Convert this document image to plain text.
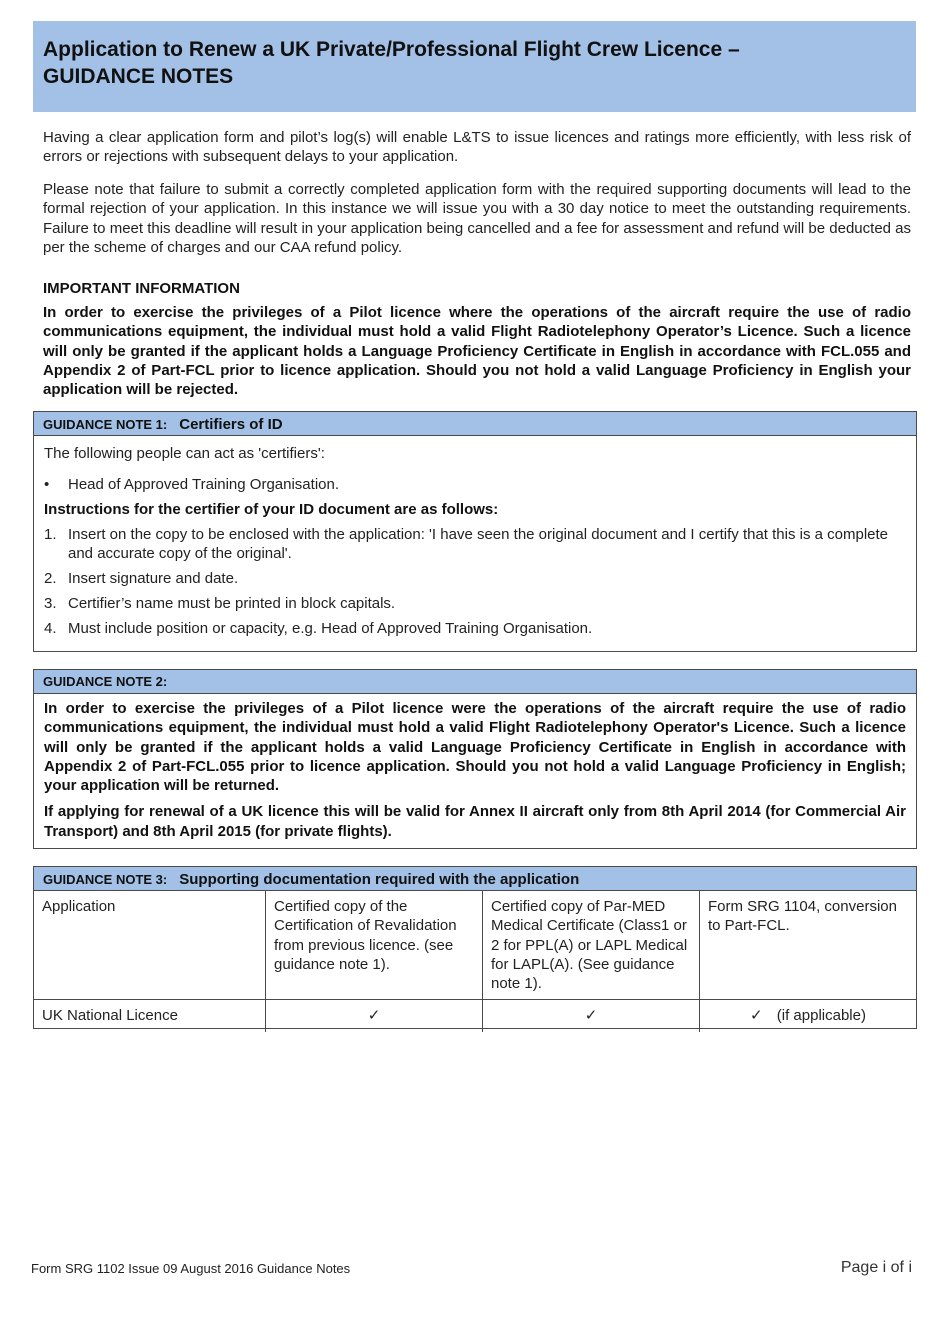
Application to Renew a UK Private/Professional Flight Crew Licence –
GUIDANCE NOTES
Having a clear application form and pilot’s log(s) will enable L&TS to issue licences and ratings more efficiently, with less risk of errors or rejections with subsequent delays to your application.
Please note that failure to submit a correctly completed application form with the required supporting documents will lead to the formal rejection of your application. In this instance we will issue you with a 30 day notice to meet the outstanding requirements. Failure to meet this deadline will result in your application being cancelled and a fee for assessment and refund will be deducted as per the scheme of charges and our CAA refund policy.
IMPORTANT INFORMATION
In order to exercise the privileges of a Pilot licence where the operations of the aircraft require the use of radio communications equipment, the individual must hold a valid Flight Radiotelephony Operator’s Licence. Such a licence will only be granted if the applicant holds a Language Proficiency Certificate in English in accordance with FCL.055 and Appendix 2 of Part-FCL prior to licence application. Should you not hold a valid Language Proficiency in English your application will be rejected.
GUIDANCE NOTE 1: Certifiers of ID

The following people can act as 'certifiers':

•	Head of Approved Training Organisation.

Instructions for the certifier of your ID document are as follows:

1. Insert on the copy to be enclosed with the application: 'I have seen the original document and I certify that this is a complete and accurate copy of the original'.
2. Insert signature and date.
3. Certifier’s name must be printed in block capitals.
4. Must include position or capacity, e.g. Head of Approved Training Organisation.
GUIDANCE NOTE 2:

In order to exercise the privileges of a Pilot licence were the operations of the aircraft require the use of radio communications equipment, the individual must hold a valid Flight Radiotelephony Operator's Licence. Such a licence will only be granted if the applicant holds a valid Language Proficiency Certificate in English in accordance with Appendix 2 of Part-FCL.055 prior to licence application. Should you not hold a valid Language Proficiency in English; your application will be returned.

If applying for renewal of a UK licence this will be valid for Annex II aircraft only from 8th April 2014 (for Commercial Air Transport) and 8th April 2015 (for private flights).

GUIDANCE NOTE 3: Supporting documentation required with the application
Application	Certified copy of the Certification of Revalidation from previous licence. (see guidance note 1).	Certified copy of Par-MED Medical Certificate (Class1 or 2 for PPL(A) or LAPL Medical for LAPL(A). (See guidance note 1).	Form SRG 1104, conversion to Part-FCL.
UK National Licence	✓	✓	✓ (if applicable)
Form SRG 1102 Issue 09 August 2016 Guidance Notes	Page i of i
